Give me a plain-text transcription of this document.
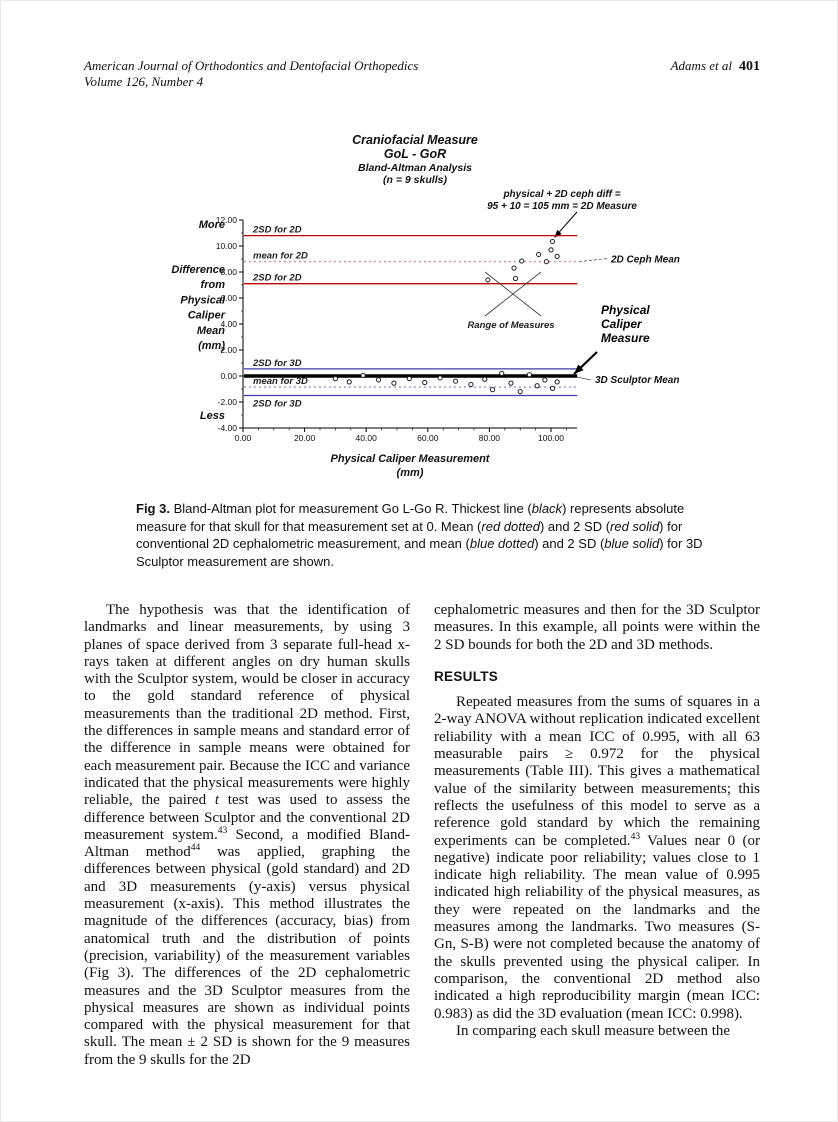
American Journal of Orthodontics and Dentofacial Orthopedics
Volume 126, Number 4
Adams et al 401
Craniofacial Measure
GoL - GoR
Bland-Altman Analysis
(n = 9 skulls)
physical + 2D ceph diff =
95 + 10 = 105 mm = 2D Measure
12.00
10.00
8.00
6.00
4.00
2.00
0.00
-2.00
-4.00
0.00	20.00	40.00	60.00	80.00	100.00
2SD for 2D
mean for 2D
2SD for 2D
2SD for 3D
mean for 3D
2SD for 3D
Range of Measures
2D Ceph Mean
Physical
Caliper
Measure
3D Sculptor Mean
More
Difference
from
Physical
Caliper
Mean
(mm)
Less
Physical Caliper Measurement
(mm)
Fig 3. Bland-Altman plot for measurement Go L-Go R. Thickest line (black) represents absolute measure for that skull for that measurement set at 0. Mean (red dotted) and 2 SD (red solid) for conventional 2D cephalometric measurement, and mean (blue dotted) and 2 SD (blue solid) for 3D Sculptor measurement are shown.

The hypothesis was that the identification of landmarks and linear measurements, by using 3 planes of space derived from 3 separate full-head x-rays taken at different angles on dry human skulls with the Sculptor system, would be closer in accuracy to the gold standard reference of physical measurements than the traditional 2D method. First, the differences in sample means and standard error of the difference in sample means were obtained for each measurement pair. Because the ICC and variance indicated that the physical measurements were highly reliable, the paired t test was used to assess the difference between Sculptor and the conventional 2D measurement system.$^{43}$ Second, a modified Bland-Altman method$^{44}$ was applied, graphing the differences between physical (gold standard) and 2D and 3D measurements (y-axis) versus physical measurement (x-axis). This method illustrates the magnitude of the differences (accuracy, bias) from anatomical truth and the distribution of points (precision, variability) of the measurement variables (Fig 3). The differences of the 2D cephalometric measures and the 3D Sculptor measures from the physical measures are shown as individual points compared with the physical measurement for that skull. The mean ± 2 SD is shown for the 9 measures from the 9 skulls for the 2D

cephalometric measures and then for the 3D Sculptor measures. In this example, all points were within the 2 SD bounds for both the 2D and 3D methods.

RESULTS

Repeated measures from the sums of squares in a 2-way ANOVA without replication indicated excellent reliability with a mean ICC of 0.995, with all 63 measurable pairs ≥ 0.972 for the physical measurements (Table III). This gives a mathematical value of the similarity between measurements; this reflects the usefulness of this model to serve as a reference gold standard by which the remaining experiments can be completed.$^{43}$ Values near 0 (or negative) indicate poor reliability; values close to 1 indicate high reliability. The mean value of 0.995 indicated high reliability of the physical measures, as they were repeated on the landmarks and the measures among the landmarks. Two measures (S-Gn, S-B) were not completed because the anatomy of the skulls prevented using the physical caliper. In comparison, the conventional 2D method also indicated a high reproducibility margin (mean ICC: 0.983) as did the 3D evaluation (mean ICC: 0.998).

In comparing each skull measure between the
